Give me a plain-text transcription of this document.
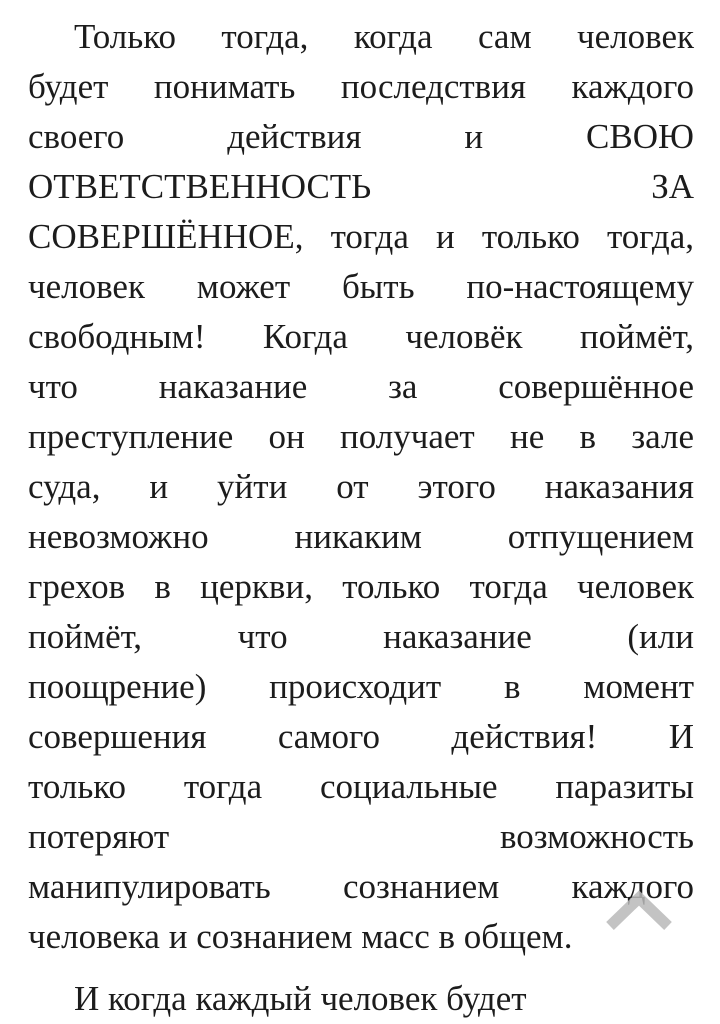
Только тогда, когда сам человек
будет понимать последствия каждого
своего действия и СВОЮ
ОТВЕТСТВЕННОСТЬ ЗА
СОВЕРШЁННОЕ, тогда и только тогда,
человек может быть по-настоящему
свободным! Когда человёк поймёт,
что наказание за совершённое
преступление он получает не в зале
суда, и уйти от этого наказания
невозможно никаким отпущением
грехов в церкви, только тогда человек
поймёт, что наказание (или
поощрение) происходит в момент
совершения самого действия! И
только тогда социальные паразиты
потеряют возможность
манипулировать сознанием каждого
человека и сознанием масс в общем.
И когда каждый человек будет
